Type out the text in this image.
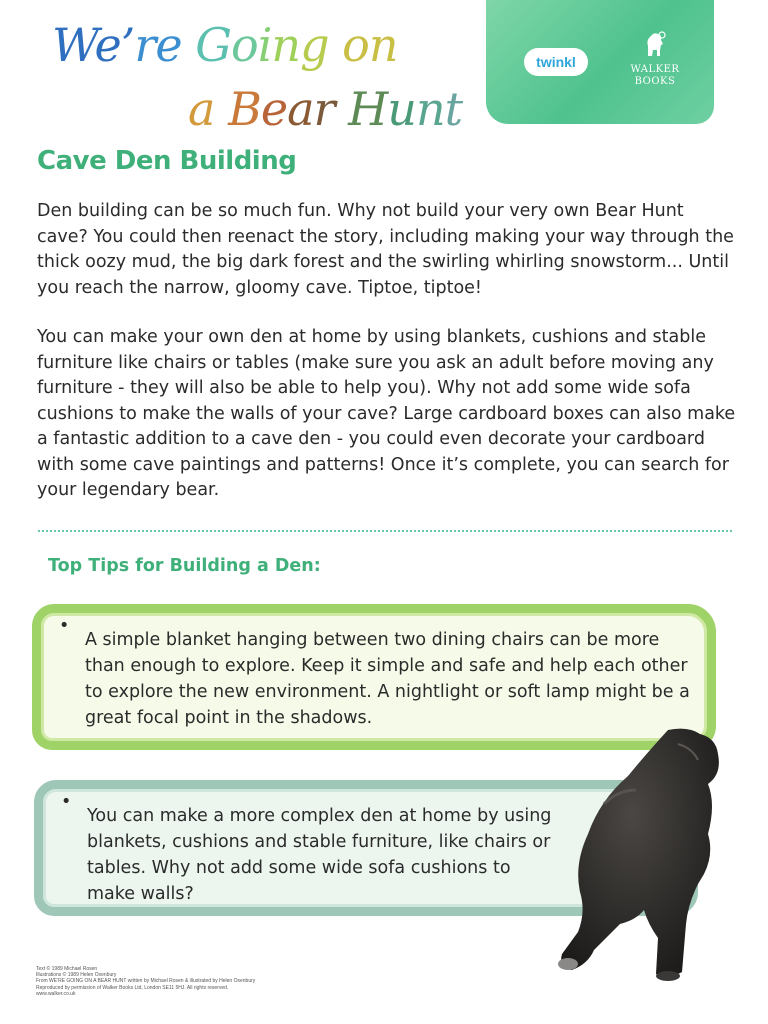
We’re Going on
a Bear Hunt
twinkl	WALKER
BOOKS
Cave Den Building

Den building can be so much fun. Why not build your very own Bear Hunt cave? You could then reenact the story, including making your way through the thick oozy mud, the big dark forest and the swirling whirling snowstorm... Until you reach the narrow, gloomy cave. Tiptoe, tiptoe!

You can make your own den at home by using blankets, cushions and stable furniture like chairs or tables (make sure you ask an adult before moving any furniture - they will also be able to help you). Why not add some wide sofa cushions to make the walls of your cave? Large cardboard boxes can also make a fantastic addition to a cave den - you could even decorate your cardboard with some cave paintings and patterns! Once it’s complete, you can search for your legendary bear.

Top Tips for Building a Den:
•
A simple blanket hanging between two dining chairs can be more than enough to explore. Keep it simple and safe and help each other to explore the new environment. A nightlight or soft lamp might be a great focal point in the shadows.
•
You can make a more complex den at home by using blankets, cushions and stable furniture, like chairs or tables. Why not add some wide sofa cushions to make walls?
Text © 1989 Michael Rosen
Illustrations © 1989 Helen Oxenbury
From WE'RE GOING ON A BEAR HUNT written by Michael Rosen & illustrated by Helen Oxenbury
Reproduced by permission of Walker Books Ltd, London SE11 5HJ. All rights reserved.
www.walker.co.uk
